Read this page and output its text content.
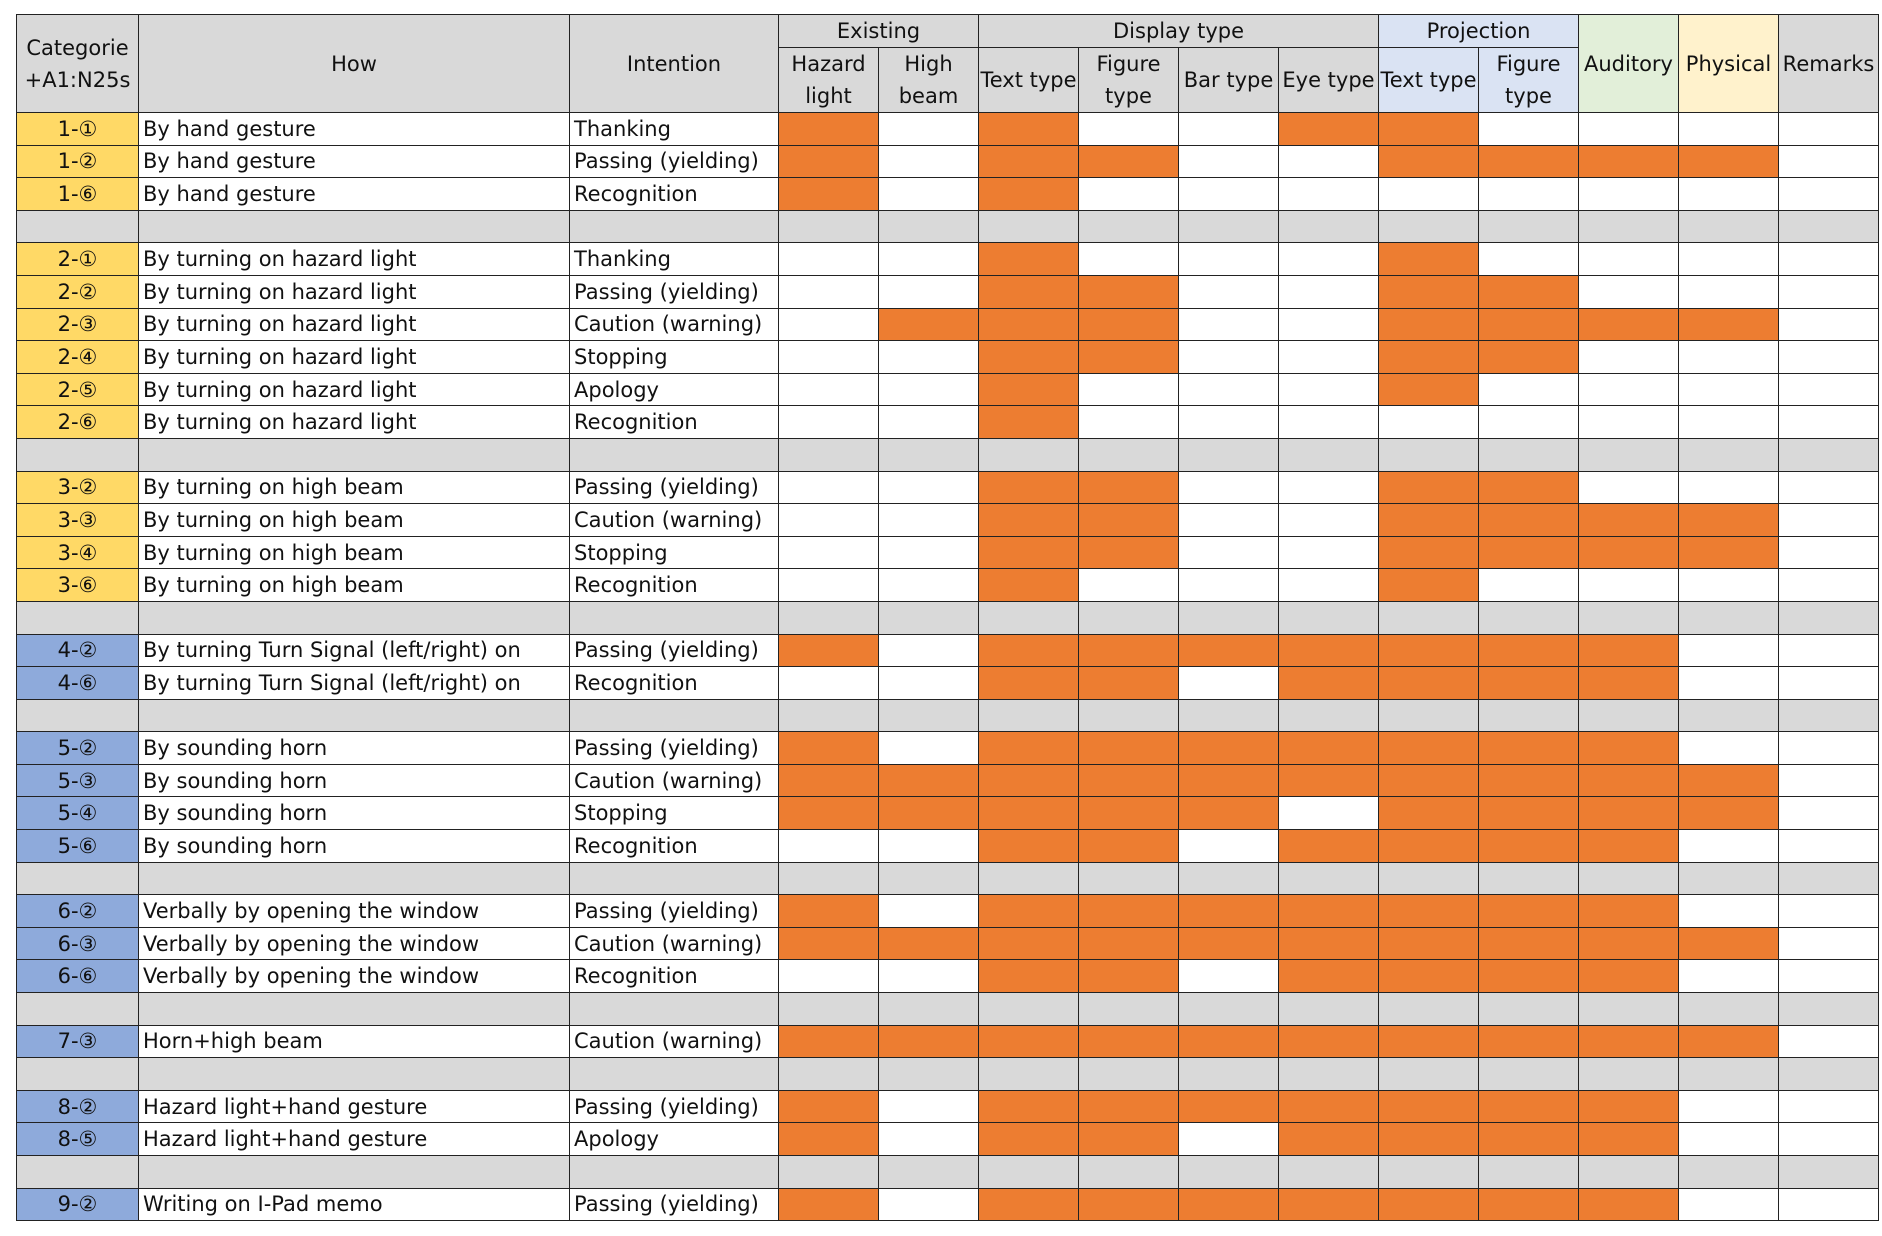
Categorie +A1:N25s	How	Intention	Existing		Display type				Projection		Auditory	Physical	Remarks
			Hazard light	High beam	Text type	Figure type	Bar type	Eye type	Text type	Figure type			
1-①	By hand gesture	Thanking											
1-②	By hand gesture	Passing (yielding)											
1-⑥	By hand gesture	Recognition											

2-①	By turning on hazard light	Thanking											
2-②	By turning on hazard light	Passing (yielding)											
2-③	By turning on hazard light	Caution (warning)											
2-④	By turning on hazard light	Stopping											
2-⑤	By turning on hazard light	Apology											
2-⑥	By turning on hazard light	Recognition											

3-②	By turning on high beam	Passing (yielding)											
3-③	By turning on high beam	Caution (warning)											
3-④	By turning on high beam	Stopping											
3-⑥	By turning on high beam	Recognition											

4-②	By turning Turn Signal (left/right) on	Passing (yielding)											
4-⑥	By turning Turn Signal (left/right) on	Recognition											

5-②	By sounding horn	Passing (yielding)											
5-③	By sounding horn	Caution (warning)											
5-④	By sounding horn	Stopping											
5-⑥	By sounding horn	Recognition											

6-②	Verbally by opening the window	Passing (yielding)											
6-③	Verbally by opening the window	Caution (warning)											
6-⑥	Verbally by opening the window	Recognition											

7-③	Horn+high beam	Caution (warning)											

8-②	Hazard light+hand gesture	Passing (yielding)											
8-⑤	Hazard light+hand gesture	Apology											

9-②	Writing on I-Pad memo	Passing (yielding)											
